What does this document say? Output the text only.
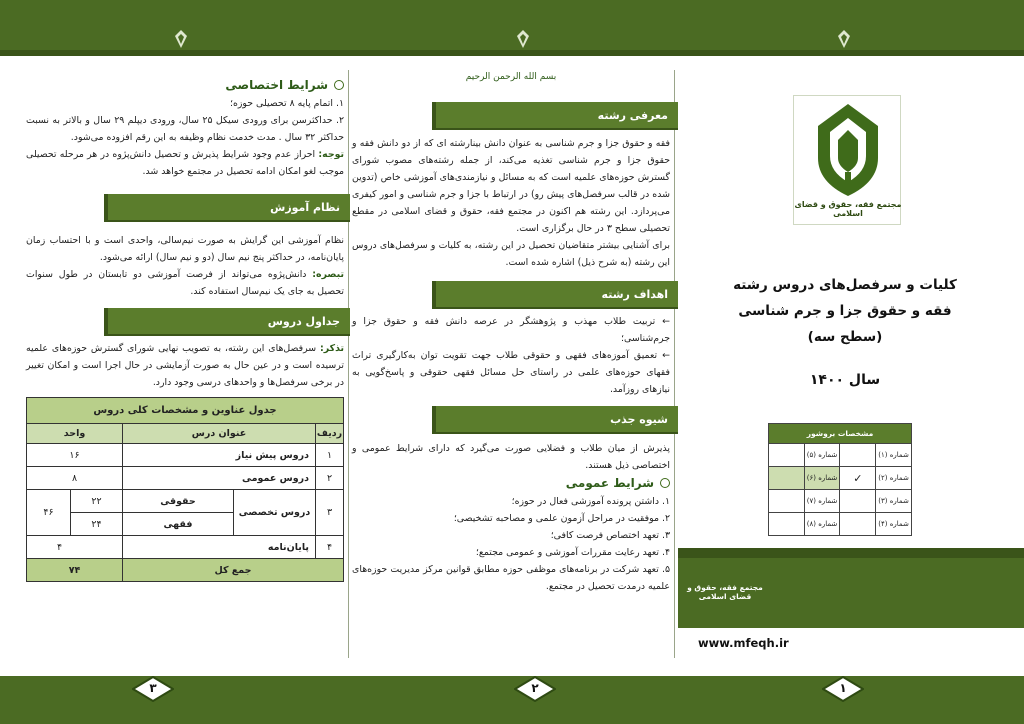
۳	۲	۱
شرایط اختصاصی
۱. اتمام پایه ۸ تحصیلی حوزه؛
۲. حداکثرسن برای ورودی سیکل ۲۵ سال، ورودی دیپلم ۲۹ سال و بالاتر به نسبت حداکثر ۳۲ سال . مدت خدمت نظام وظیفه به این رقم افزوده می‌شود.
توجه: احراز عدم وجود شرایط پذیرش و تحصیل دانش‌پژوه در هر مرحله تحصیلی موجب لغو امکان ادامه تحصیل در مجتمع خواهد شد.
نظام آموزش
نظام آموزشی این گرایش به صورت نیم‌سالی، واحدی است و با احتساب زمان پایان‌نامه، در حداکثر پنج نیم سال (دو و نیم سال) ارائه می‌شود.
تبصره: دانش‌پژوه می‌تواند از فرصت آموزشی دو تابستان در طول سنوات تحصیل به جای یک نیم‌سال استفاده کند.
جداول دروس
تذکر: سرفصل‌های این رشته، به تصویب نهایی شورای گسترش حوزه‌های علمیه ترسیده است و در عین حال به صورت آزمایشی در حال اجرا است و امکان تغییر در برخی سرفصل‌ها و واحدهای درسی وجود دارد.
جدول عناوین و مشخصات کلی دروس				
ردیف	عنوان درس		واحد	
۱	دروس پیش نیاز		۱۶	
۲	دروس عمومی		۸	
۳	دروس تخصصی	حقوقی	۲۲	۴۶
		فقهی	۲۴	
۴	پایان‌نامه		۴	
جمع کل			۷۴	
بسم الله الرحمن الرحیم
معرفی رشته
فقه و حقوق جزا و جرم شناسی به عنوان دانش بینارشته ای که از دو دانش فقه و حقوق جزا و جرم شناسی تغذیه می‌کند، از جمله رشته‌های مصوب شورای گسترش حوزه‌های علمیه است که به مسائل و نیازمندی‌های آموزشی خاص (تدوین شده در قالب سرفصل‌های پیش رو) در ارتباط با جزا و جرم شناسی و امور کیفری می‌پردازد. این رشته هم اکنون در مجتمع فقه، حقوق و قضای اسلامی در مقطع تحصیلی سطح ۳ در حال برگزاری است.
برای آشنایی بیشتر متقاضیان تحصیل در این رشته، به کلیات و سرفصل‌های دروس این رشته (به شرح ذیل) اشاره شده است.
اهداف رشته
← تربیت طلاب مهذب و پژوهشگر در عرصه دانش فقه و حقوق جزا و جرم‌شناسی؛
← تعمیق آموزه‌های فقهی و حقوقی طلاب جهت تقویت توان به‌کارگیری تراث فقهای حوزه‌های علمی در راستای حل مسائل فقهی حقوقی و پاسخ‌گویی به نیازهای روزآمد.
شیوه جذب
پذیرش از میان طلاب و فضلایی صورت می‌گیرد که دارای شرایط عمومی و اختصاصی ذیل هستند.
شرایط عمومی
۱. داشتن پرونده آموزشی فعال در حوزه؛
۲. موفقیت در مراحل آزمون علمی و مصاحبه تشخیصی؛
۳. تعهد اختصاص فرصت کافی؛
۴. تعهد رعایت مقررات آموزشی و عمومی مجتمع؛
۵. تعهد شرکت در برنامه‌های موظفی حوزه مطابق قوانین مرکز مدیریت حوزه‌های علمیه درمدت تحصیل در مجتمع.
مجتمع فقه، حقوق و قضای اسلامی
کلیات و سرفصل‌های دروس رشته
فقه و حقوق جزا و جرم شناسی
(سطح سه)
سال ۱۴۰۰
مشخصات بروشور			
شماره (۱)		شماره (۵)	
شماره (۲)	✓	شماره (۶)	
شماره (۳)		شماره (۷)	
شماره (۴)		شماره (۸)	
مجتمع فقه، حقوق و قضای اسلامی
www.mfeqh.ir
